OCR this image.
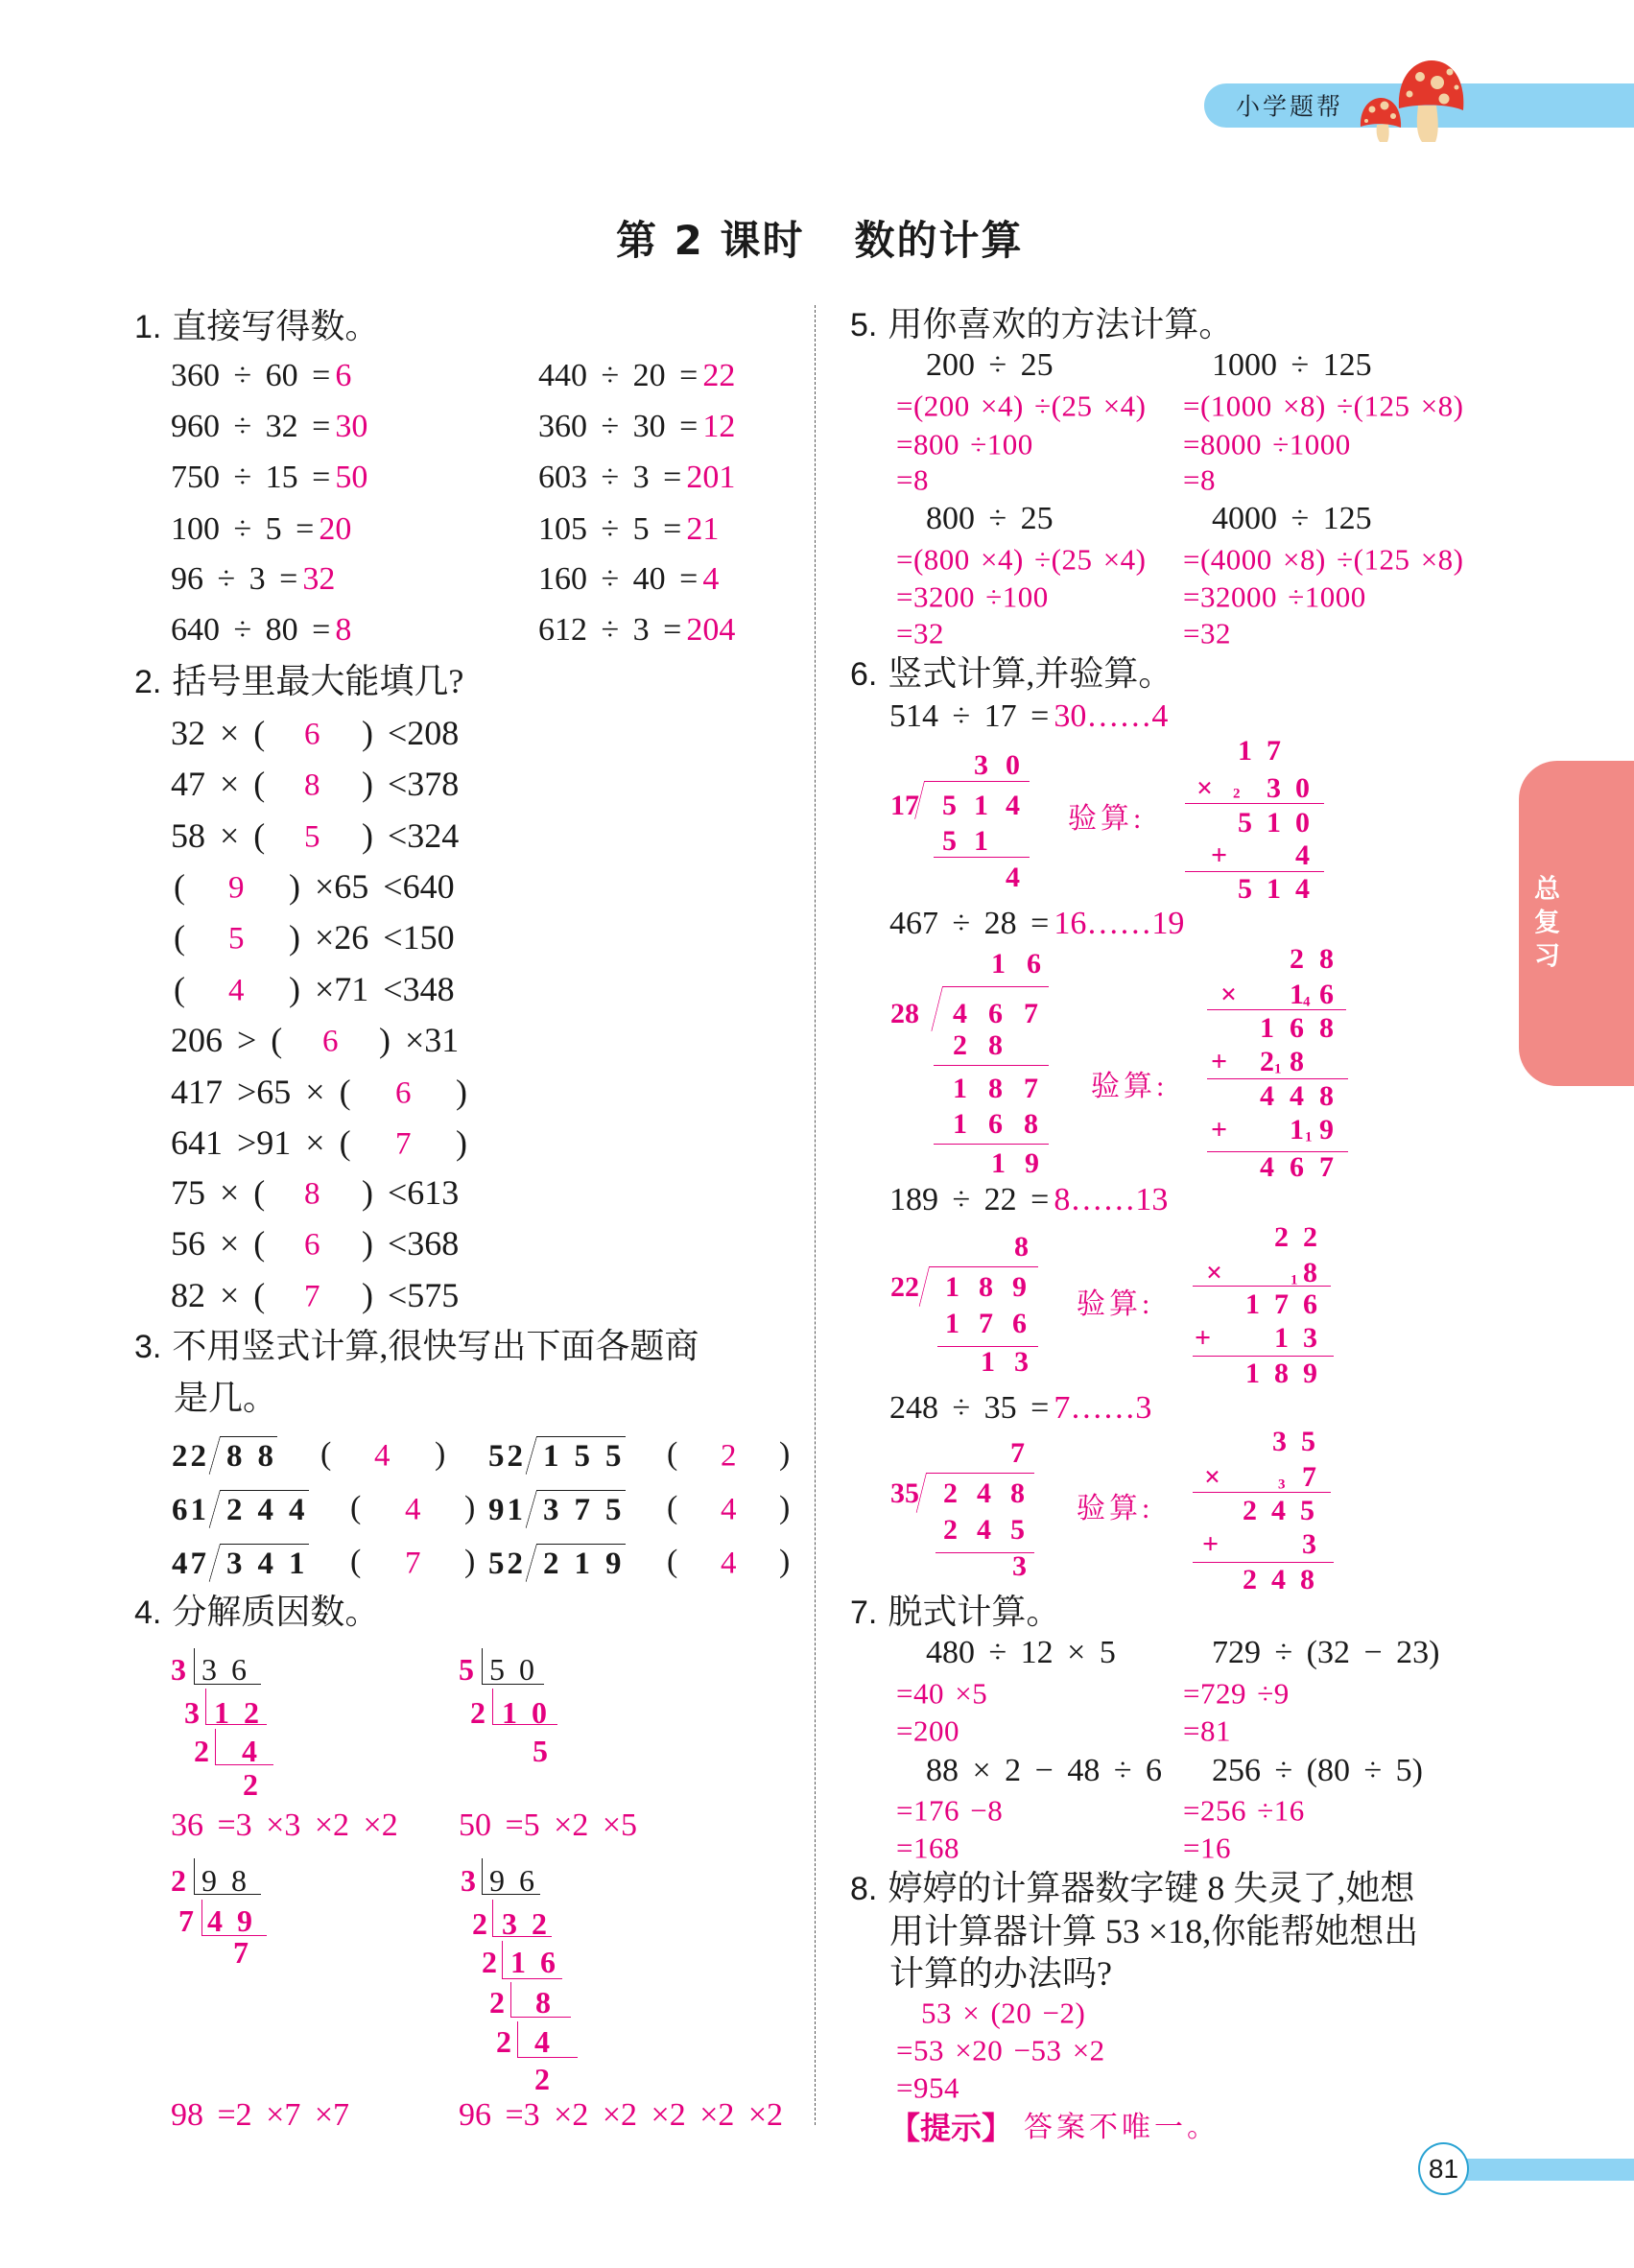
小学题帮
第 2 课时 数的计算
总
复
习
1. 直接写得数。
360 ÷ 60 = 6	440 ÷ 20 = 22
960 ÷ 32 = 30	360 ÷ 30 = 12
750 ÷ 15 = 50	603 ÷ 3 = 201
100 ÷ 5 = 20	105 ÷ 5 = 21
96 ÷ 3 = 32	160 ÷ 40 = 4
640 ÷ 80 = 8	612 ÷ 3 = 204
2. 括号里最大能填几?
32 × ( 6 ) <208
47 × ( 8 ) <378
58 × ( 5 ) <324
( 9 ) ×65 <640
( 5 ) ×26 <150
( 4 ) ×71 <348
206 > ( 6 ) ×31
417 >65 × ( 6 )
641 >91 × ( 7 )
75 × ( 8 ) <613
56 × ( 6 ) <368
82 × ( 7 ) <575
3. 不用竖式计算,很快写出下面各题商
是几。
22 88 ( 4 ) 52 155 ( 2 )
61 244 ( 4 ) 91 375 ( 4 )
47 341 ( 7 ) 52 219 ( 4 )
4. 分解质因数。
3 36
3 12
2 4
2
36 =3 ×3 ×2 ×2
5 50
2 10
5
50 =5 ×2 ×5
2 98
7 49
7
98 =2 ×7 ×7
3 96
2 32
2 16
2 8
2 4
2
96 =3 ×2 ×2 ×2 ×2 ×2
5. 用你喜欢的方法计算。
200 ÷ 25
=(200 ×4) ÷(25 ×4)
=800 ÷100
=8
1000 ÷ 125
=(1000 ×8) ÷(125 ×8)
=8000 ÷1000
=8
800 ÷ 25
=(800 ×4) ÷(25 ×4)
=3200 ÷100
=32
4000 ÷ 125
=(4000 ×8) ÷(125 ×8)
=32000 ÷1000
=32
6. 竖式计算,并验算。
514 ÷ 17 = 30……4
30
17 514
51
4
验算:
17
× 2 30
510
+ 4
514
467 ÷ 28 = 16……19
16
28 467
28
187
168
19
验算:
28
× 1 4 6
168
+ 2 1 8
448
+ 1 1 9
467
189 ÷ 22 = 8……13
8
22 189
176
13
验算:
22
×	1 8
176
+ 13
189
248 ÷ 35 = 7……3
7
35 248
245
3
验算:
35
×	3 7
245
+	3
248
7. 脱式计算。
480 ÷ 12 × 5
=40 ×5
=200
729 ÷ (32 − 23)
=729 ÷9
=81
88 × 2 − 48 ÷ 6
=176 −8
=168
256 ÷ (80 ÷ 5)
=256 ÷16
=16
8. 婷婷的计算器数字键 8 失灵了,她想
用计算器计算 53 ×18,你能帮她想出
计算的办法吗?
53 × (20 −2)
=53 ×20 −53 ×2
=954
【提示】 答案不唯一。
81
